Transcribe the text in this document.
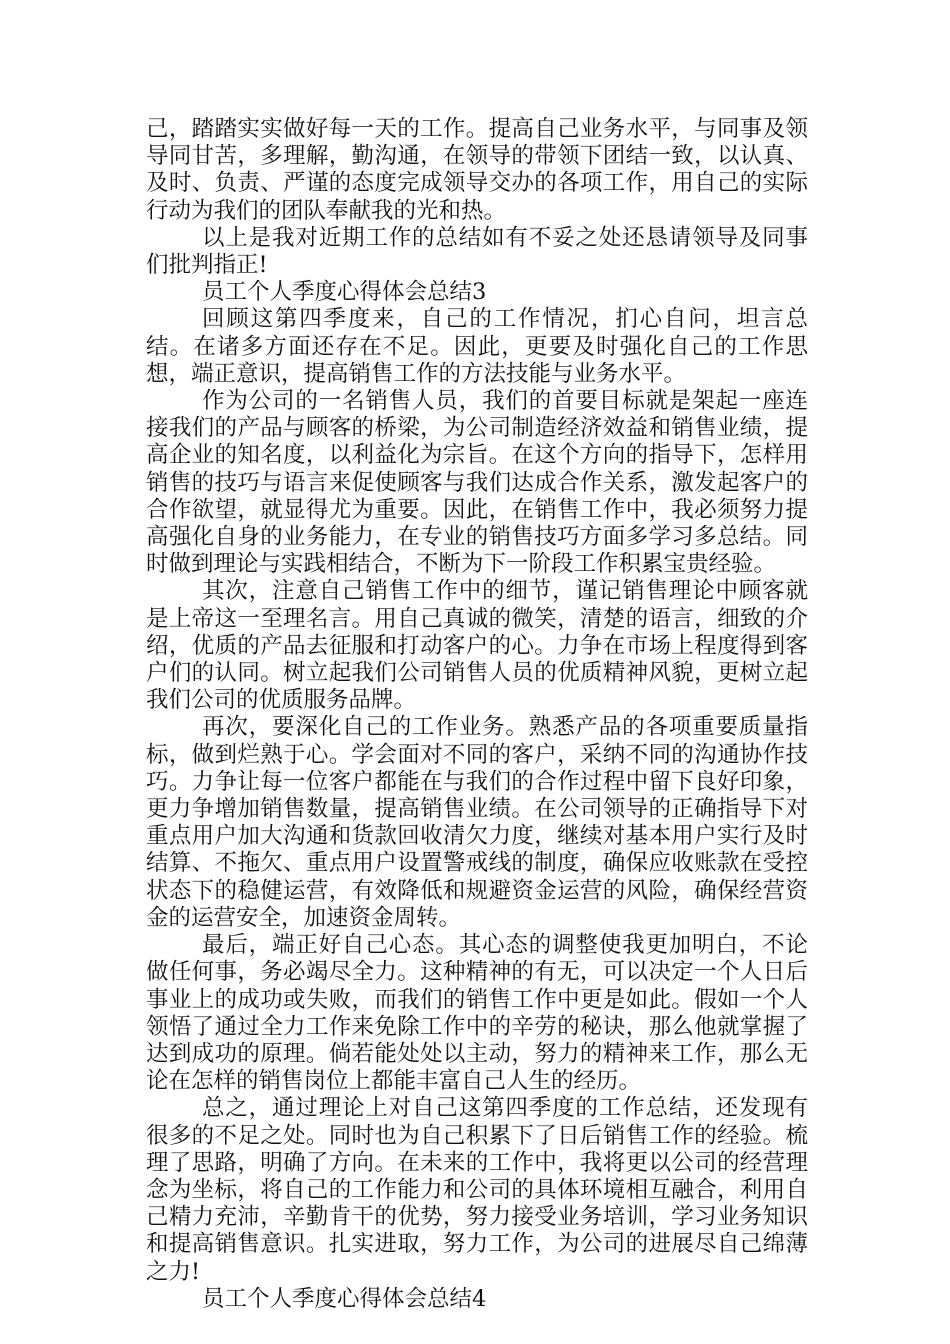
己，踏踏实实做好每一天的工作。提高自己业务水平，与同事及领导同甘苦，多理解，勤沟通，在领导的带领下团结一致，以认真、及时、负责、严谨的态度完成领导交办的各项工作，用自己的实际行动为我们的团队奉献我的光和热。

以上是我对近期工作的总结如有不妥之处还恳请领导及同事们批判指正!

员工个人季度心得体会总结3

回顾这第四季度来，自己的工作情况，扪心自问，坦言总结。在诸多方面还存在不足。因此，更要及时强化自己的工作思想，端正意识，提高销售工作的方法技能与业务水平。

作为公司的一名销售人员，我们的首要目标就是架起一座连接我们的产品与顾客的桥梁，为公司制造经济效益和销售业绩，提高企业的知名度，以利益化为宗旨。在这个方向的指导下，怎样用销售的技巧与语言来促使顾客与我们达成合作关系，激发起客户的合作欲望，就显得尤为重要。因此，在销售工作中，我必须努力提高强化自身的业务能力，在专业的销售技巧方面多学习多总结。同时做到理论与实践相结合，不断为下一阶段工作积累宝贵经验。

其次，注意自己销售工作中的细节，谨记销售理论中顾客就是上帝这一至理名言。用自己真诚的微笑，清楚的语言，细致的介绍，优质的产品去征服和打动客户的心。力争在市场上程度得到客户们的认同。树立起我们公司销售人员的优质精神风貌，更树立起我们公司的优质服务品牌。

再次，要深化自己的工作业务。熟悉产品的各项重要质量指标，做到烂熟于心。学会面对不同的客户，采纳不同的沟通协作技巧。力争让每一位客户都能在与我们的合作过程中留下良好印象，更力争增加销售数量，提高销售业绩。在公司领导的正确指导下对重点用户加大沟通和货款回收清欠力度，继续对基本用户实行及时结算、不拖欠、重点用户设置警戒线的制度，确保应收账款在受控状态下的稳健运营，有效降低和规避资金运营的风险，确保经营资金的运营安全，加速资金周转。

最后，端正好自己心态。其心态的调整使我更加明白，不论做任何事，务必竭尽全力。这种精神的有无，可以决定一个人日后事业上的成功或失败，而我们的销售工作中更是如此。假如一个人领悟了通过全力工作来免除工作中的辛劳的秘诀，那么他就掌握了达到成功的原理。倘若能处处以主动，努力的精神来工作，那么无论在怎样的销售岗位上都能丰富自己人生的经历。

总之，通过理论上对自己这第四季度的工作总结，还发现有很多的不足之处。同时也为自己积累下了日后销售工作的经验。梳理了思路，明确了方向。在未来的工作中，我将更以公司的经营理念为坐标，将自己的工作能力和公司的具体环境相互融合，利用自己精力充沛，辛勤肯干的优势，努力接受业务培训，学习业务知识和提高销售意识。扎实进取，努力工作，为公司的进展尽自己绵薄之力!

员工个人季度心得体会总结4
